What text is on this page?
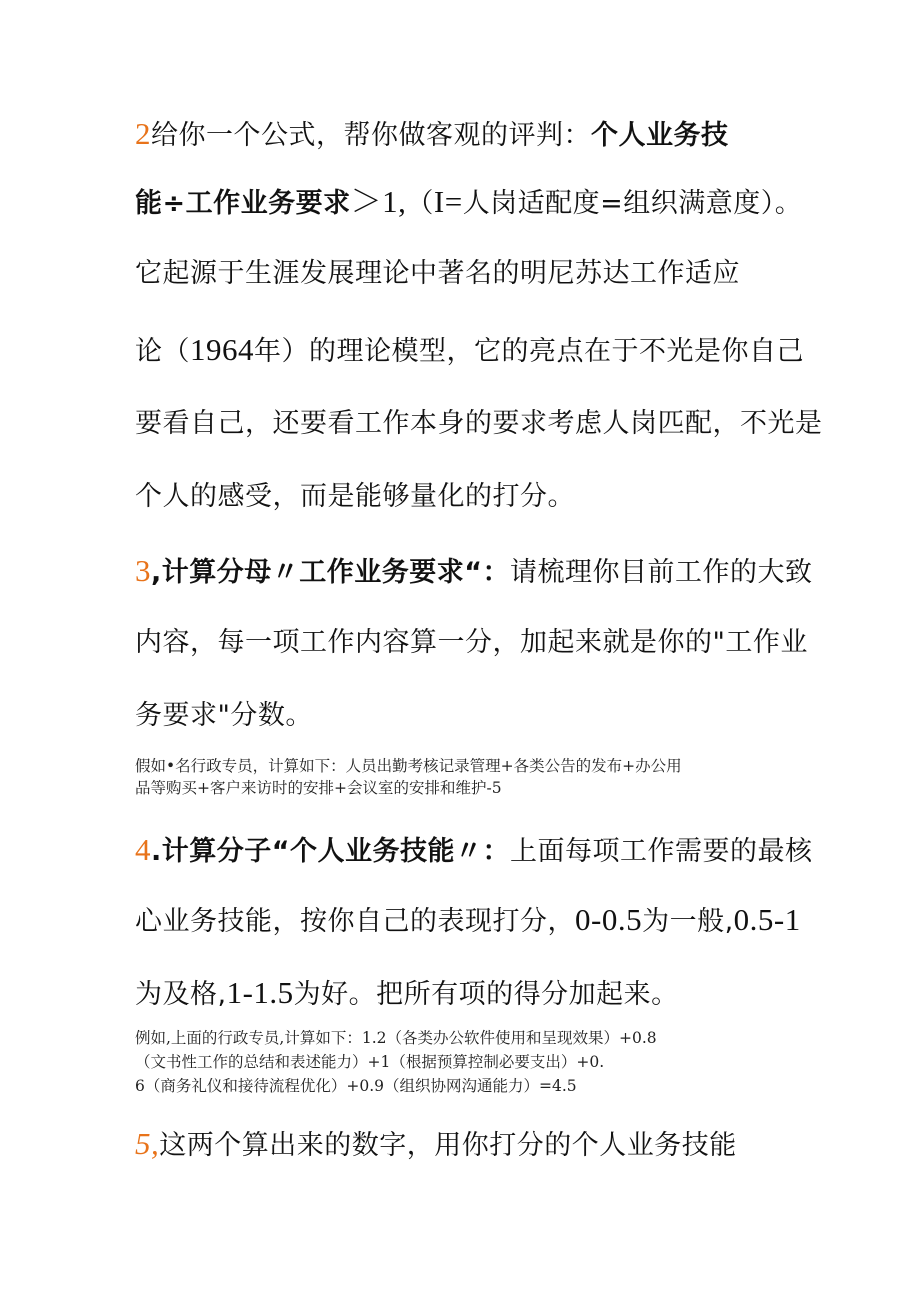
2给你一个公式，帮你做客观的评判：个人业务技
能÷工作业务要求＞1,（I=人岗适配度=组织满意度）。
它起源于生涯发展理论中著名的明尼苏达工作适应
论（1964年）的理论模型，它的亮点在于不光是你自己
要看自己，还要看工作本身的要求考虑人岗匹配，不光是
个人的感受，而是能够量化的打分。
3,计算分母〃工作业务要求“：请梳理你目前工作的大致
内容，每一项工作内容算一分，加起来就是你的"工作业
务要求"分数。
假如•名行政专员，计算如下：人员出勤考核记录管理+各类公告的发布+办公用
品等购买+客户来访时的安排+会议室的安排和维护-5
4.计算分子“个人业务技能〃：上面每项工作需要的最核
心业务技能，按你自己的表现打分，0-0.5为一般,0.5-1
为及格,1-1.5为好。把所有项的得分加起来。
例如,上面的行政专员,计算如下：1.2（各类办公软件使用和呈现效果）+0.8
（文书性工作的总结和表述能力）+1（根据预算控制必要支出）+0.
6（商务礼仪和接待流程优化）+0.9（组织协网沟通能力）=4.5
5,这两个算出来的数字，用你打分的个人业务技能
